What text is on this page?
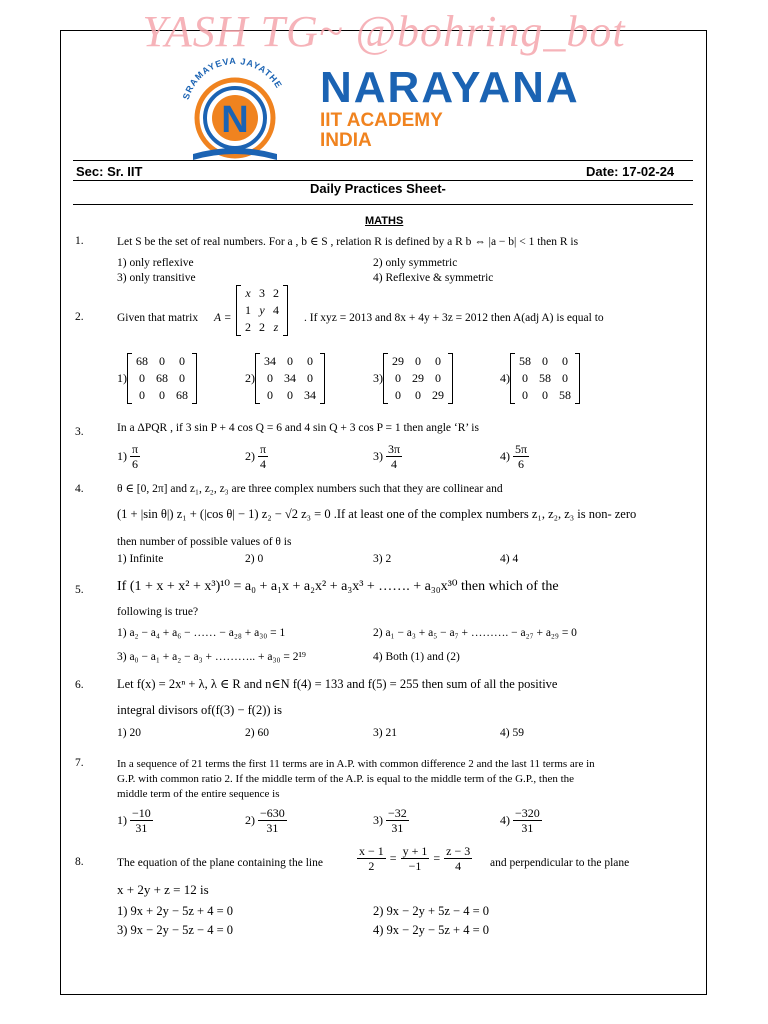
YASH TG~ @bohring_bot
SRAMAYEVA JAYATHE
N
NARAYANA
IIT ACADEMY
INDIA
Sec: Sr. IIT	Date: 17-02-24
Daily Practices Sheet-
MATHS
1.	Let S be the set of real numbers. For a , b ∈ S , relation R is defined by a R b ⇔ |a − b| < 1 then R is
1) only reflexive	2) only symmetric
3) only transitive	4) Reflexive & symmetric
2.	Given that matrix A =
x 3 2
1 y 4
2 2 z
. If xyz = 2013 and 8x + 4y + 3z = 2012 then A(adj A) is equal to
1)
68 0 0
0 68 0
0 0 68
2)
34 0 0
0 34 0
0 0 34
3)
29 0 0
0 29 0
0 0 29
4)
58 0 0
0 58 0
0 0 58
3.	In a ΔPQR , if 3 sin P + 4 cos Q = 6 and 4 sin Q + 3 cos P = 1 then angle ‘R’ is
$1) \frac{\pi}{6}$	$2) \frac{\pi}{4}$	$3) \frac{3\pi}{4}$	$4) \frac{5\pi}{6}$
4.	θ ∈ [0, 2π] and z₁, z₂, z₃ are three complex numbers such that they are collinear and
(1 + |sin θ|) z₁ + (|cos θ| − 1) z₂ − √2 z₃ = 0 .If at least one of the complex numbers z₁, z₂, z₃ is non- zero
then number of possible values of θ is
1) Infinite	2) 0	3) 2	4) 4
5. If (1 + x + x² + x³)¹⁰ = a₀ + a₁x + a₂x² + a₃x³ + ……. + a₃₀x³⁰ then which of the
following is true?
1) a₂ − a₄ + a₆ − …… − a₂₈ + a₃₀ = 1	2) a₁ − a₃ + a₅ − a₇ + ………. − a₂₇ + a₂₉ = 0
3) a₀ − a₁ + a₂ − a₃ + ……….. + a₃₀ = 2¹⁹	4) Both (1) and (2)
6.	Let f(x) = 2xⁿ + λ, λ ∈ R and n∈N f(4) = 133 and f(5) = 255 then sum of all the positive
integral divisors of(f(3) − f(2)) is
1) 20	2) 60	3) 21	4) 59
7.	In a sequence of 21 terms the first 11 terms are in A.P. with common difference 2 and the last 11 terms are in
G.P. with common ratio 2. If the middle term of the A.P. is equal to the middle term of the G.P., then the
middle term of the entire sequence is
$1) \frac{-10}{31}$	$2) \frac{-630}{31}$	$3) \frac{-32}{31}$	$4) \frac{-320}{31}$
8.	The equation of the plane containing the line	$\frac{x - 1}{2} = \frac{y + 1}{-1} = \frac{z - 3}{4}$ and perpendicular to the plane
x + 2y + z = 12 is
1) 9x + 2y − 5z + 4 = 0	2) 9x − 2y + 5z − 4 = 0
3) 9x − 2y − 5z − 4 = 0	4) 9x − 2y − 5z + 4 = 0
